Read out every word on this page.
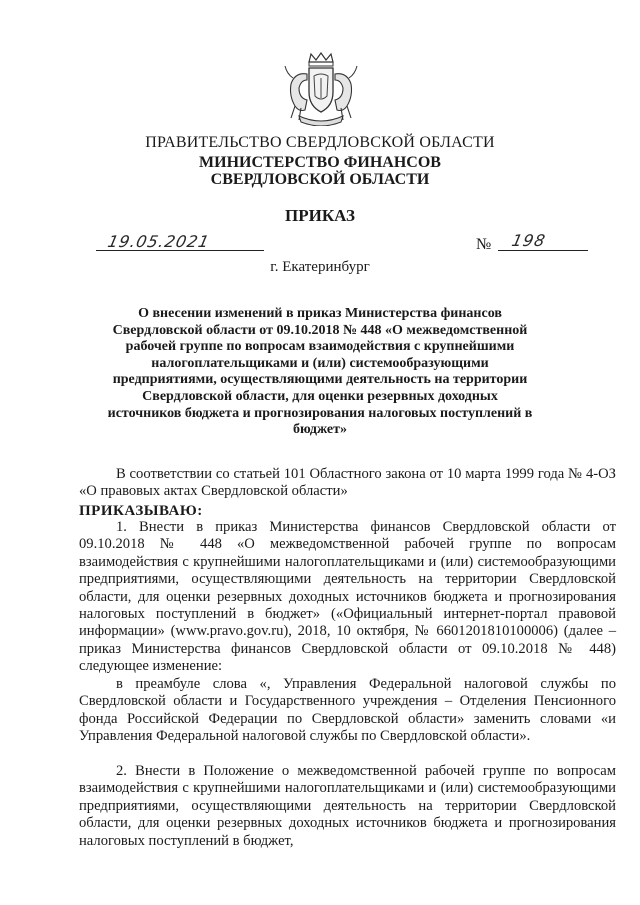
ПРАВИТЕЛЬСТВО СВЕРДЛОВСКОЙ ОБЛАСТИ
МИНИСТЕРСТВО ФИНАНСОВ
СВЕРДЛОВСКОЙ ОБЛАСТИ
ПРИКАЗ
19.05.2021	№ 198
г. Екатеринбург
О внесении изменений в приказ Министерства финансов Свердловской области от 09.10.2018 № 448 «О межведомственной рабочей группе по вопросам взаимодействия с крупнейшими налогоплательщиками и (или) системообразующими предприятиями, осуществляющими деятельность на территории Свердловской области, для оценки резервных доходных источников бюджета и прогнозирования налоговых поступлений в бюджет»
В соответствии со статьей 101 Областного закона от 10 марта 1999 года № 4-ОЗ «О правовых актах Свердловской области»
ПРИКАЗЫВАЮ:
1. Внести в приказ Министерства финансов Свердловской области от 09.10.2018 № 448 «О межведомственной рабочей группе по вопросам взаимодействия с крупнейшими налогоплательщиками и (или) системообразующими предприятиями, осуществляющими деятельность на территории Свердловской области, для оценки резервных доходных источников бюджета и прогнозирования налоговых поступлений в бюджет» («Официальный интернет-портал правовой информации» (www.pravo.gov.ru), 2018, 10 октября, № 6601201810100006) (далее – приказ Министерства финансов Свердловской области от 09.10.2018 № 448) следующее изменение:
в преамбуле слова «, Управления Федеральной налоговой службы по Свердловской области и Государственного учреждения – Отделения Пенсионного фонда Российской Федерации по Свердловской области» заменить словами «и Управления Федеральной налоговой службы по Свердловской области».
2. Внести в Положение о межведомственной рабочей группе по вопросам взаимодействия с крупнейшими налогоплательщиками и (или) системообразующими предприятиями, осуществляющими деятельность на территории Свердловской области, для оценки резервных доходных источников бюджета и прогнозирования налоговых поступлений в бюджет,
